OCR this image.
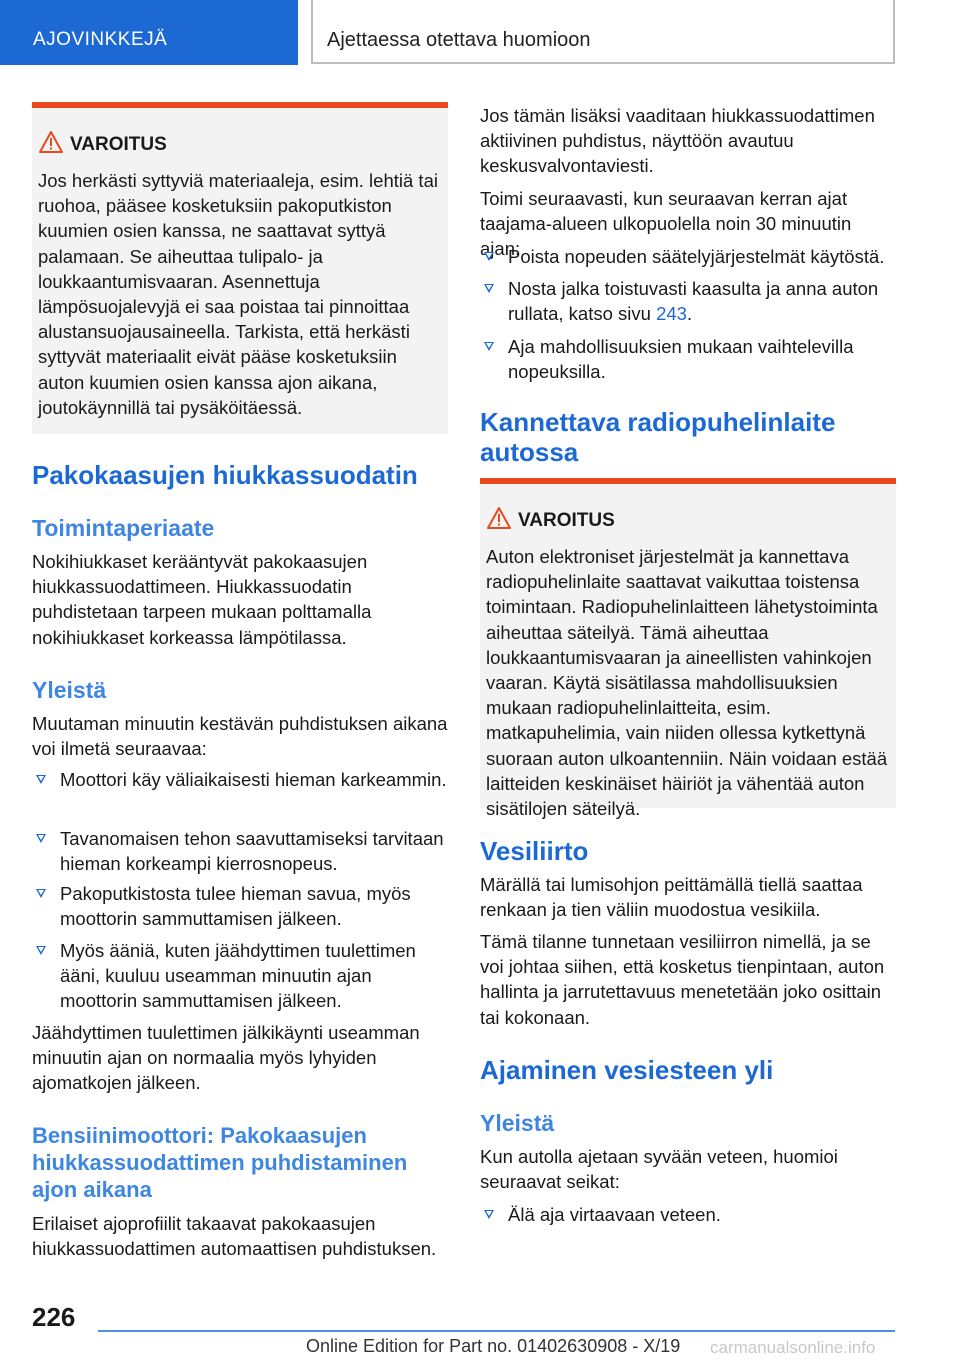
AJOVINKKEJÄ	Ajettaessa otettava huomioon
VAROITUS

Jos herkästi syttyviä materiaaleja, esim. lehtiä tai ruohoa, pääsee kosketuksiin pakoputkiston kuumien osien kanssa, ne saattavat syttyä palamaan. Se aiheuttaa tulipalo- ja loukkaantumisvaaran. Asennettuja lämpösuojalevyjä ei saa poistaa tai pinnoittaa alustansuojausaineella. Tarkista, että herkästi syttyvät materiaalit eivät pääse kosketuksiin auton kuumien osien kanssa ajon aikana, joutokäynnillä tai pysäköitäessä.

Pakokaasujen hiukkassuodatin
Toimintaperiaate

Nokihiukkaset kerääntyvät pakokaasujen hiukkassuodattimeen. Hiukkassuodatin puhdistetaan tarpeen mukaan polttamalla nokihiukkaset korkeassa lämpötilassa.

Yleistä

Muutaman minuutin kestävän puhdistuksen aikana voi ilmetä seuraavaa:

Moottori käy väliaikaisesti hieman karkeammin.

Tavanomaisen tehon saavuttamiseksi tarvitaan hieman korkeampi kierrosnopeus.

Pakoputkistosta tulee hieman savua, myös moottorin sammuttamisen jälkeen.

Myös ääniä, kuten jäähdyttimen tuulettimen ääni, kuuluu useamman minuutin ajan moottorin sammuttamisen jälkeen.

Jäähdyttimen tuulettimen jälkikäynti useamman minuutin ajan on normaalia myös lyhyiden ajomatkojen jälkeen.

Bensiinimoottori: Pakokaasujen hiukkassuodattimen puhdistaminen ajon aikana

Erilaiset ajoprofiilit takaavat pakokaasujen hiukkassuodattimen automaattisen puhdistuksen.

Jos tämän lisäksi vaaditaan hiukkassuodattimen aktiivinen puhdistus, näyttöön avautuu keskusvalvontaviesti.

Toimi seuraavasti, kun seuraavan kerran ajat taajama-alueen ulkopuolella noin 30 minuutin ajan:

Poista nopeuden säätelyjärjestelmät käytöstä.

Nosta jalka toistuvasti kaasulta ja anna auton rullata, katso sivu 243.

Aja mahdollisuuksien mukaan vaihtelevilla nopeuksilla.

Kannettava radiopuhelinlaite autossa
VAROITUS

Auton elektroniset järjestelmät ja kannettava radiopuhelinlaite saattavat vaikuttaa toistensa toimintaan. Radiopuhelinlaitteen lähetystoiminta aiheuttaa säteilyä. Tämä aiheuttaa loukkaantumisvaaran ja aineellisten vahinkojen vaaran. Käytä sisätilassa mahdollisuuksien mukaan radiopuhelinlaitteita, esim. matkapuhelimia, vain niiden ollessa kytkettynä suoraan auton ulkoantenniin. Näin voidaan estää laitteiden keskinäiset häiriöt ja vähentää auton sisätilojen säteilyä.

Vesiliirto

Märällä tai lumisohjon peittämällä tiellä saattaa renkaan ja tien väliin muodostua vesikiila.

Tämä tilanne tunnetaan vesiliirron nimellä, ja se voi johtaa siihen, että kosketus tienpintaan, auton hallinta ja jarrutettavuus menetetään joko osittain tai kokonaan.

Ajaminen vesiesteen yli
Yleistä

Kun autolla ajetaan syvään veteen, huomioi seuraavat seikat:

Älä aja virtaavaan veteen.

226
Online Edition for Part no. 01402630908 - X/19 carmanualsonline.info
